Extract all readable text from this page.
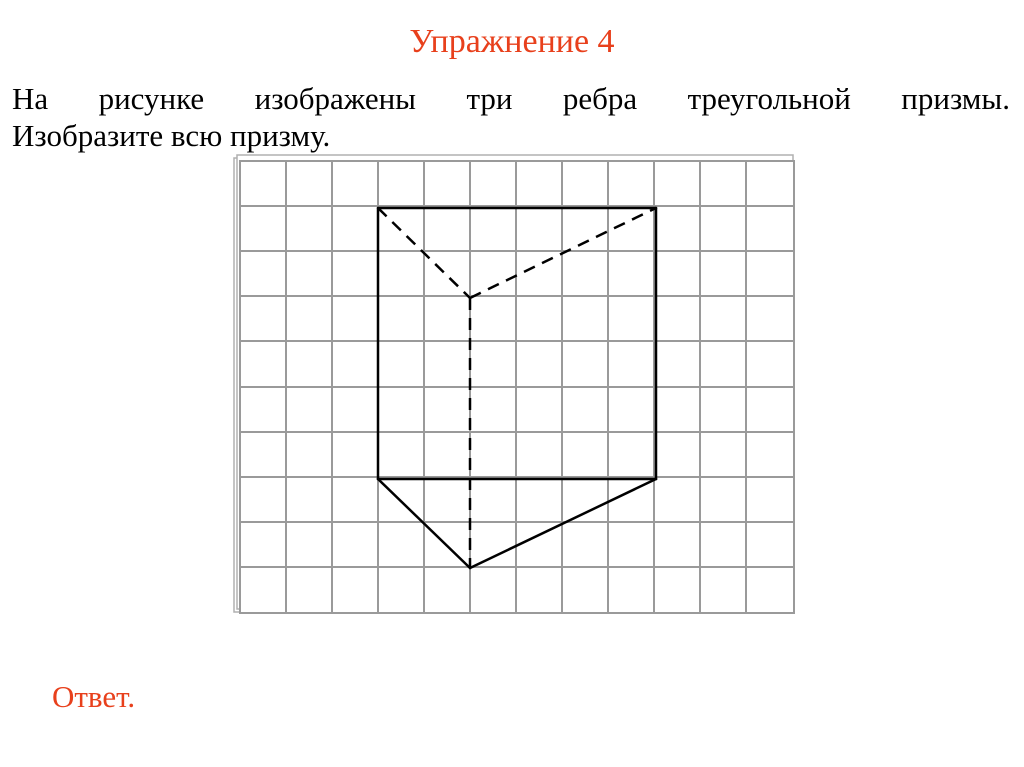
Упражнение 4
На рисунке изображены три ребра треугольной призмы.
Изобразите всю призму.
Ответ.
